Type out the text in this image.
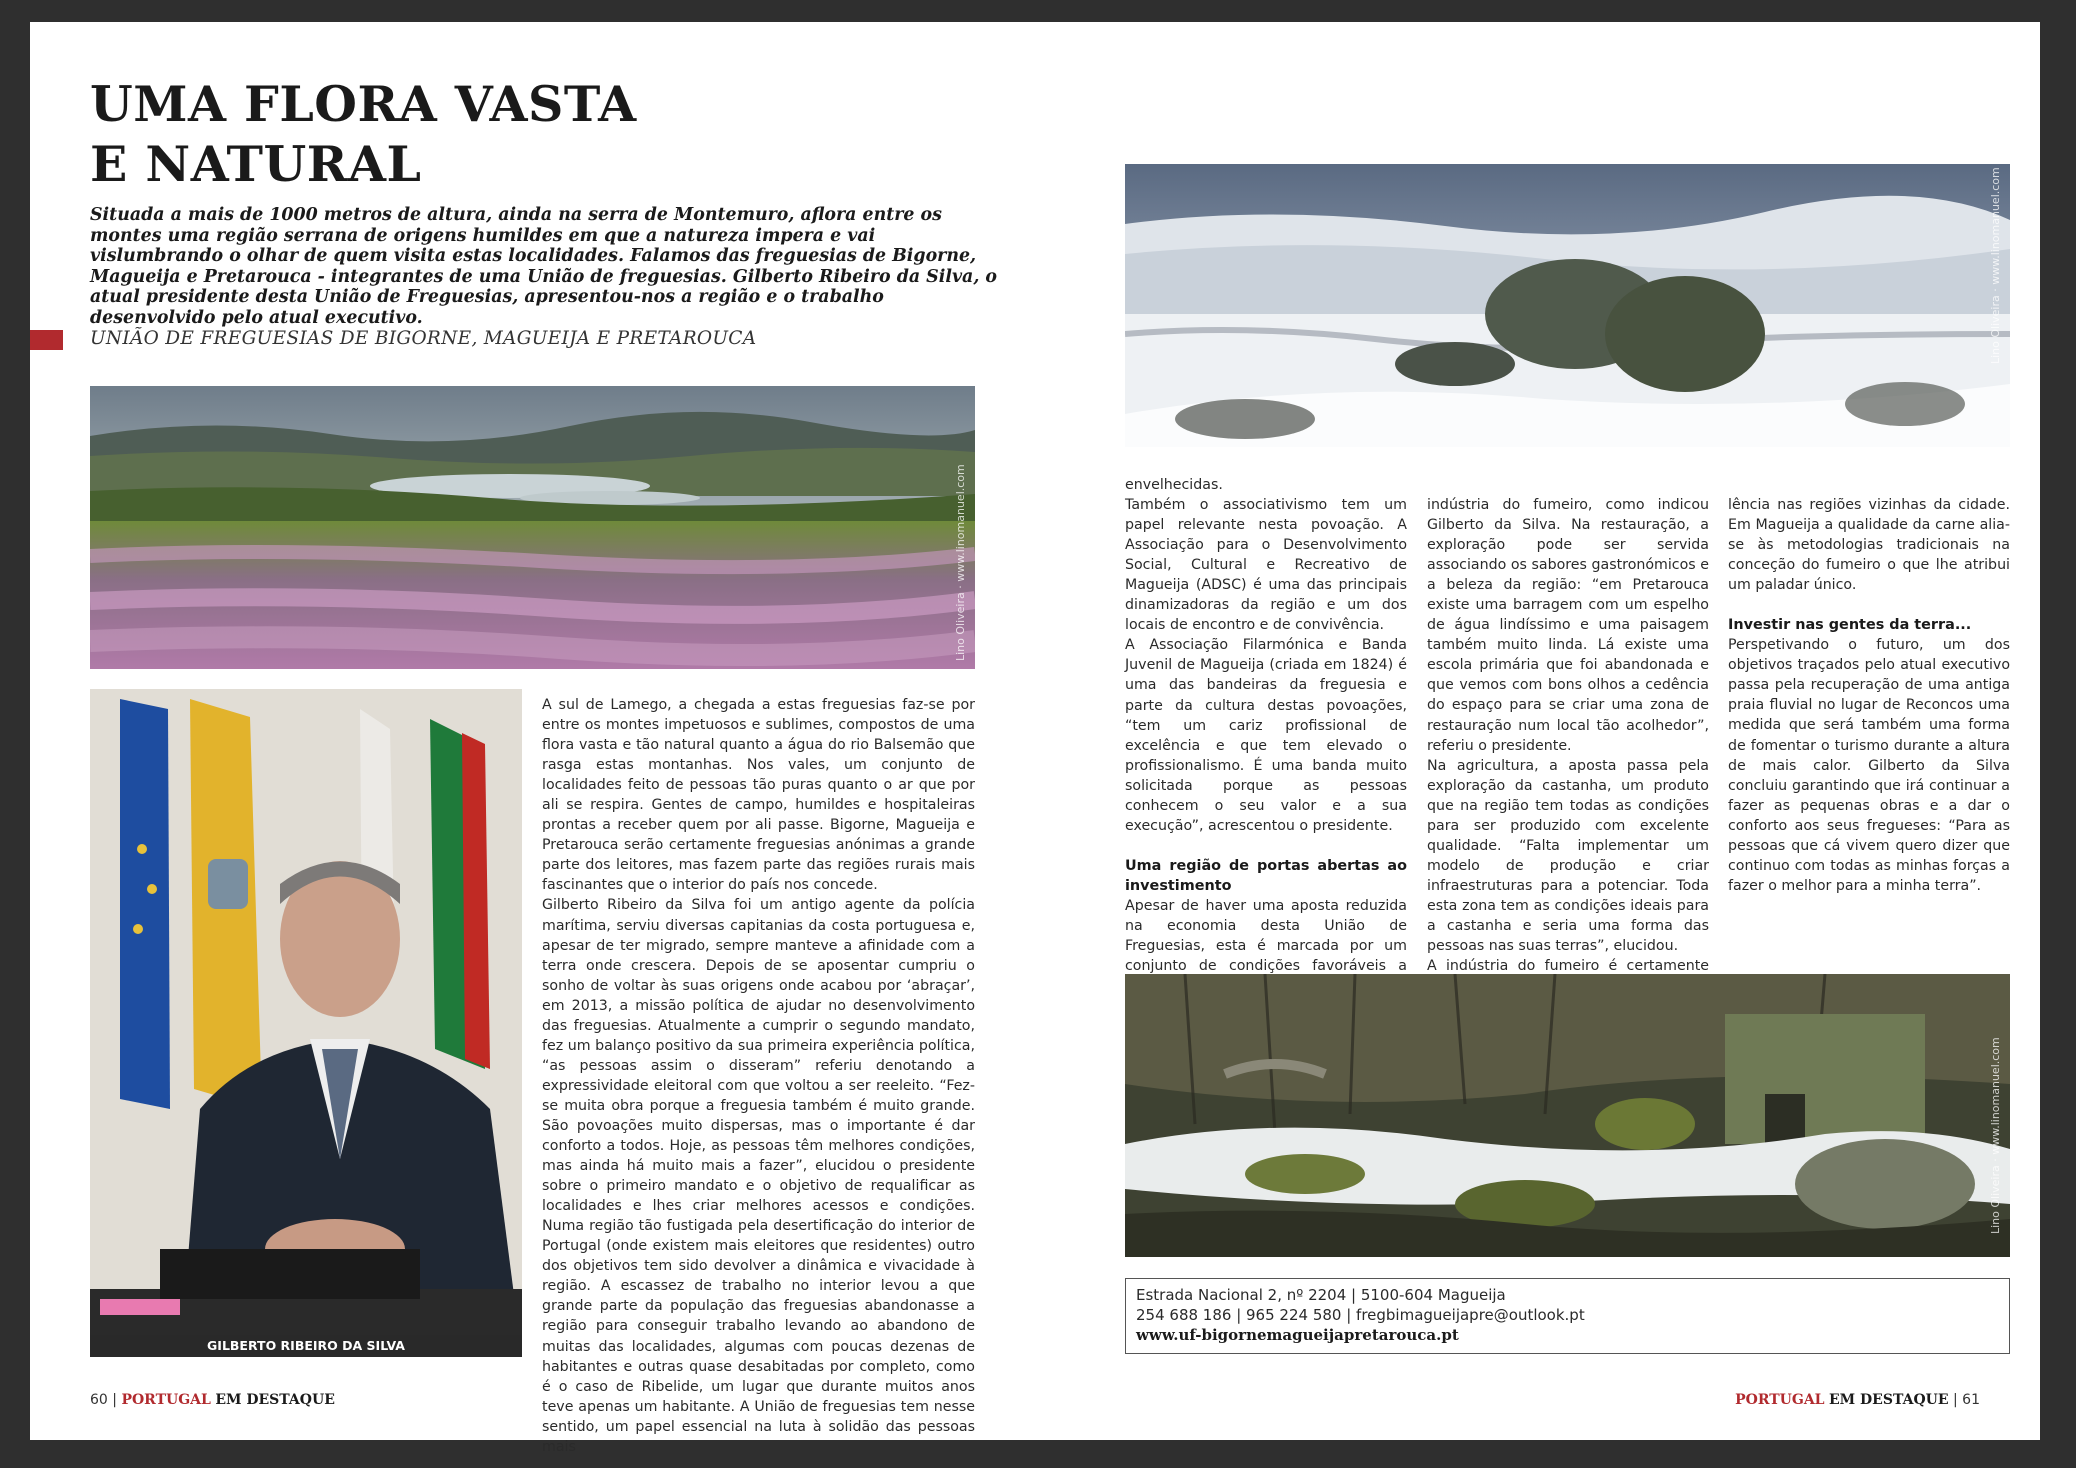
UMA FLORA VASTA
E NATURAL

Situada a mais de 1000 metros de altura, ainda na serra de Montemuro, aflora entre os montes uma região serrana de origens humildes em que a natureza impera e vai vislumbrando o olhar de quem visita estas localidades. Falamos das freguesias de Bigorne, Magueija e Pretarouca - integrantes de uma União de freguesias. Gilberto Ribeiro da Silva, o atual presidente desta União de Freguesias, apresentou-nos a região e o trabalho desenvolvido pelo atual executivo.

UNIÃO DE FREGUESIAS DE BIGORNE, MAGUEIJA E PRETAROUCA

Lino Oliveira · www.linomanuel.com
GILBERTO RIBEIRO DA SILVA

A sul de Lamego, a chegada a estas freguesias faz-se por entre os montes impetuosos e sublimes, compostos de uma flora vasta e tão natural quanto a água do rio Balsemão que rasga estas montanhas. Nos vales, um conjunto de localidades feito de pessoas tão puras quanto o ar que por ali se respira. Gentes de campo, humildes e hospitaleiras prontas a receber quem por ali passe. Bigorne, Magueija e Pretarouca serão certamente freguesias anónimas a grande parte dos leitores, mas fazem parte das regiões rurais mais fascinantes que o interior do país nos concede.

Gilberto Ribeiro da Silva foi um antigo agente da polícia marítima, serviu diversas capitanias da costa portuguesa e, apesar de ter migrado, sempre manteve a afinidade com a terra onde crescera. Depois de se aposentar cumpriu o sonho de voltar às suas origens onde acabou por ‘abraçar’, em 2013, a missão política de ajudar no desenvolvimento das freguesias. Atualmente a cumprir o segundo mandato, fez um balanço positivo da sua primeira experiência política, “as pessoas assim o disseram” referiu denotando a expressividade eleitoral com que voltou a ser reeleito. “Fez-se muita obra porque a freguesia também é muito grande. São povoações muito dispersas, mas o importante é dar conforto a todos. Hoje, as pessoas têm melhores condições, mas ainda há muito mais a fazer”, elucidou o presidente sobre o primeiro mandato e o objetivo de requalificar as localidades e lhes criar melhores acessos e condições. Numa região tão fustigada pela desertificação do interior de Portugal (onde existem mais eleitores que residentes) outro dos objetivos tem sido devolver a dinâmica e vivacidade à região. A escassez de trabalho no interior levou a que grande parte da população das freguesias abandonasse a região para conseguir trabalho levando ao abandono de muitas das localidades, algumas com poucas dezenas de habitantes e outras quase desabitadas por completo, como é o caso de Ribelide, um lugar que durante muitos anos teve apenas um habitante. A União de freguesias tem nesse sentido, um papel essencial na luta à solidão das pessoas mais

60 | PORTUGAL EM DESTAQUE
Lino Oliveira · www.linomanuel.com

envelhecidas.

Também o associativismo tem um papel relevante nesta povoação. A Associação para o Desenvolvimento Social, Cultural e Recreativo de Magueija (ADSC) é uma das principais dinamizadoras da região e um dos locais de encontro e de convivência.

A Associação Filarmónica e Banda Juvenil de Magueija (criada em 1824) é uma das bandeiras da freguesia e parte da cultura destas povoações, “tem um cariz profissional de excelência e que tem elevado o profissionalismo. É uma banda muito solicitada porque as pessoas conhecem o seu valor e a sua execução”, acrescentou o presidente.

Uma região de portas abertas ao investimento

Apesar de haver uma aposta reduzida na economia desta União de Freguesias, esta é marcada por um conjunto de condições favoráveis a

indústria do fumeiro, como indicou Gilberto da Silva. Na restauração, a exploração pode ser servida associando os sabores gastronómicos e a beleza da região: “em Pretarouca existe uma barragem com um espelho de água lindíssimo e uma paisagem também muito linda. Lá existe uma escola primária que foi abandonada e que vemos com bons olhos a cedência do espaço para se criar uma zona de restauração num local tão acolhedor”, referiu o presidente.

Na agricultura, a aposta passa pela exploração da castanha, um produto que na região tem todas as condições para ser produzido com excelente qualidade. “Falta implementar um modelo de produção e criar infraestruturas para a potenciar. Toda esta zona tem as condições ideais para a castanha e seria uma forma das pessoas nas suas terras”, elucidou.

A indústria do fumeiro é certamente

lência nas regiões vizinhas da cidade. Em Magueija a qualidade da carne alia-se às metodologias tradicionais na conceção do fumeiro o que lhe atribui um paladar único.

Investir nas gentes da terra...

Perspetivando o futuro, um dos objetivos traçados pelo atual executivo passa pela recuperação de uma antiga praia fluvial no lugar de Reconcos uma medida que será também uma forma de fomentar o turismo durante a altura de mais calor. Gilberto da Silva concluiu garantindo que irá continuar a fazer as pequenas obras e a dar o conforto aos seus fregueses: “Para as pessoas que cá vivem quero dizer que continuo com todas as minhas forças a fazer o melhor para a minha terra”.

Lino Oliveira · www.linomanuel.com
Estrada Nacional 2, nº 2204 | 5100-604 Magueija
254 688 186 | 965 224 580 | fregbimagueijapre@outlook.pt
www.uf-bigornemagueijapretarouca.pt
PORTUGAL EM DESTAQUE | 61
